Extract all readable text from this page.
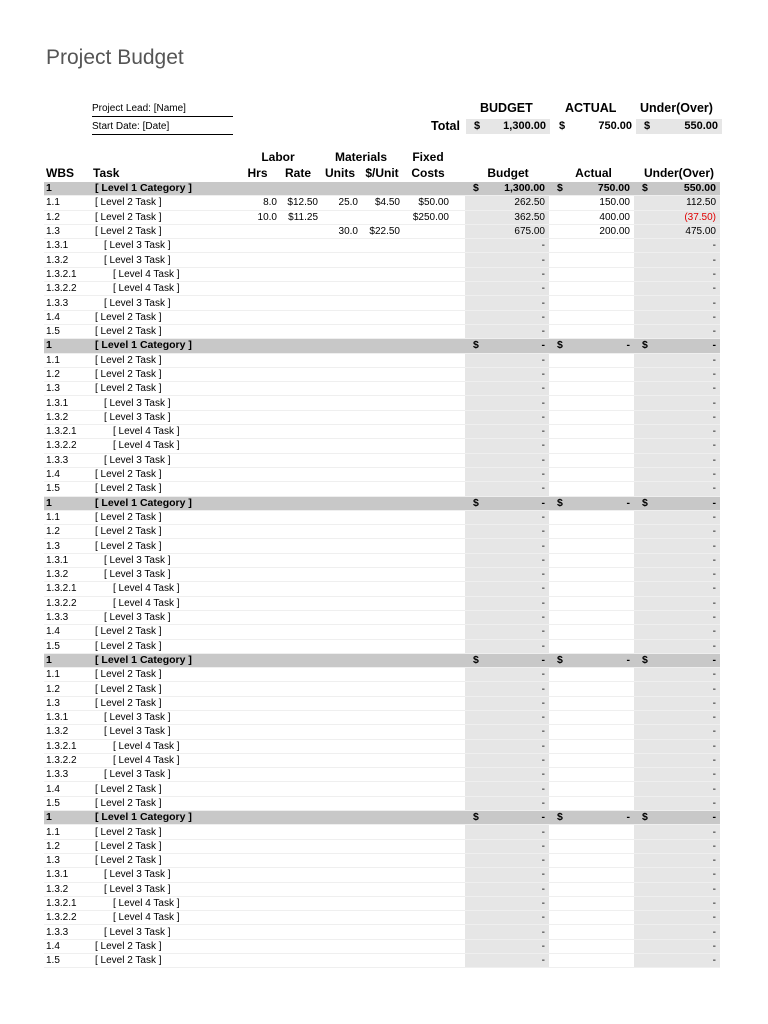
Project Budget
Project Lead: [Name]
Start Date: [Date]
BUDGET	ACTUAL Under(Over)
Total $ 1,300.00 $	750.00 $	550.00
Labor	Materials	Fixed
WBS Task	Hrs	Rate	Units $/Unit	Costs	Budget	Actual	Under(Over)
1	[ Level 1 Category ]							$ 1,300.00	$ 750.00	$ 550.00

1.1	[ Level 2 Task ]	8.0	$12.50	25.0	$4.50	$50.00		262.50	150.00	112.50

1.2	[ Level 2 Task ]	10.0	$11.25			$250.00		362.50	400.00	(37.50)

1.3	[ Level 2 Task ]			30.0	$22.50			675.00	200.00	475.00

1.3.1	[ Level 3 Task ]							-		-

1.3.2	[ Level 3 Task ]							-		-

1.3.2.1	[ Level 4 Task ]							-		-

1.3.2.2	[ Level 4 Task ]							-		-

1.3.3	[ Level 3 Task ]							-		-

1.4	[ Level 2 Task ]							-		-

1.5	[ Level 2 Task ]							-		-

1	[ Level 1 Category ]							$ -	$ -	$ -

1.1	[ Level 2 Task ]							-		-

1.2	[ Level 2 Task ]							-		-

1.3	[ Level 2 Task ]							-		-

1.3.1	[ Level 3 Task ]							-		-

1.3.2	[ Level 3 Task ]							-		-

1.3.2.1	[ Level 4 Task ]							-		-

1.3.2.2	[ Level 4 Task ]							-		-

1.3.3	[ Level 3 Task ]							-		-

1.4	[ Level 2 Task ]							-		-

1.5	[ Level 2 Task ]							-		-

1	[ Level 1 Category ]							$ -	$ -	$ -

1.1	[ Level 2 Task ]							-		-

1.2	[ Level 2 Task ]							-		-

1.3	[ Level 2 Task ]							-		-

1.3.1	[ Level 3 Task ]							-		-

1.3.2	[ Level 3 Task ]							-		-

1.3.2.1	[ Level 4 Task ]							-		-

1.3.2.2	[ Level 4 Task ]							-		-

1.3.3	[ Level 3 Task ]							-		-

1.4	[ Level 2 Task ]							-		-

1.5	[ Level 2 Task ]							-		-

1	[ Level 1 Category ]							$ -	$ -	$ -

1.1	[ Level 2 Task ]							-		-

1.2	[ Level 2 Task ]							-		-

1.3	[ Level 2 Task ]							-		-

1.3.1	[ Level 3 Task ]							-		-

1.3.2	[ Level 3 Task ]							-		-

1.3.2.1	[ Level 4 Task ]							-		-

1.3.2.2	[ Level 4 Task ]							-		-

1.3.3	[ Level 3 Task ]							-		-

1.4	[ Level 2 Task ]							-		-

1.5	[ Level 2 Task ]							-		-

1	[ Level 1 Category ]							$ -	$ -	$ -

1.1	[ Level 2 Task ]							-		-

1.2	[ Level 2 Task ]							-		-

1.3	[ Level 2 Task ]							-		-

1.3.1	[ Level 3 Task ]							-		-

1.3.2	[ Level 3 Task ]							-		-

1.3.2.1	[ Level 4 Task ]							-		-

1.3.2.2	[ Level 4 Task ]							-		-

1.3.3	[ Level 3 Task ]							-		-

1.4	[ Level 2 Task ]							-		-

1.5	[ Level 2 Task ]							-		-
